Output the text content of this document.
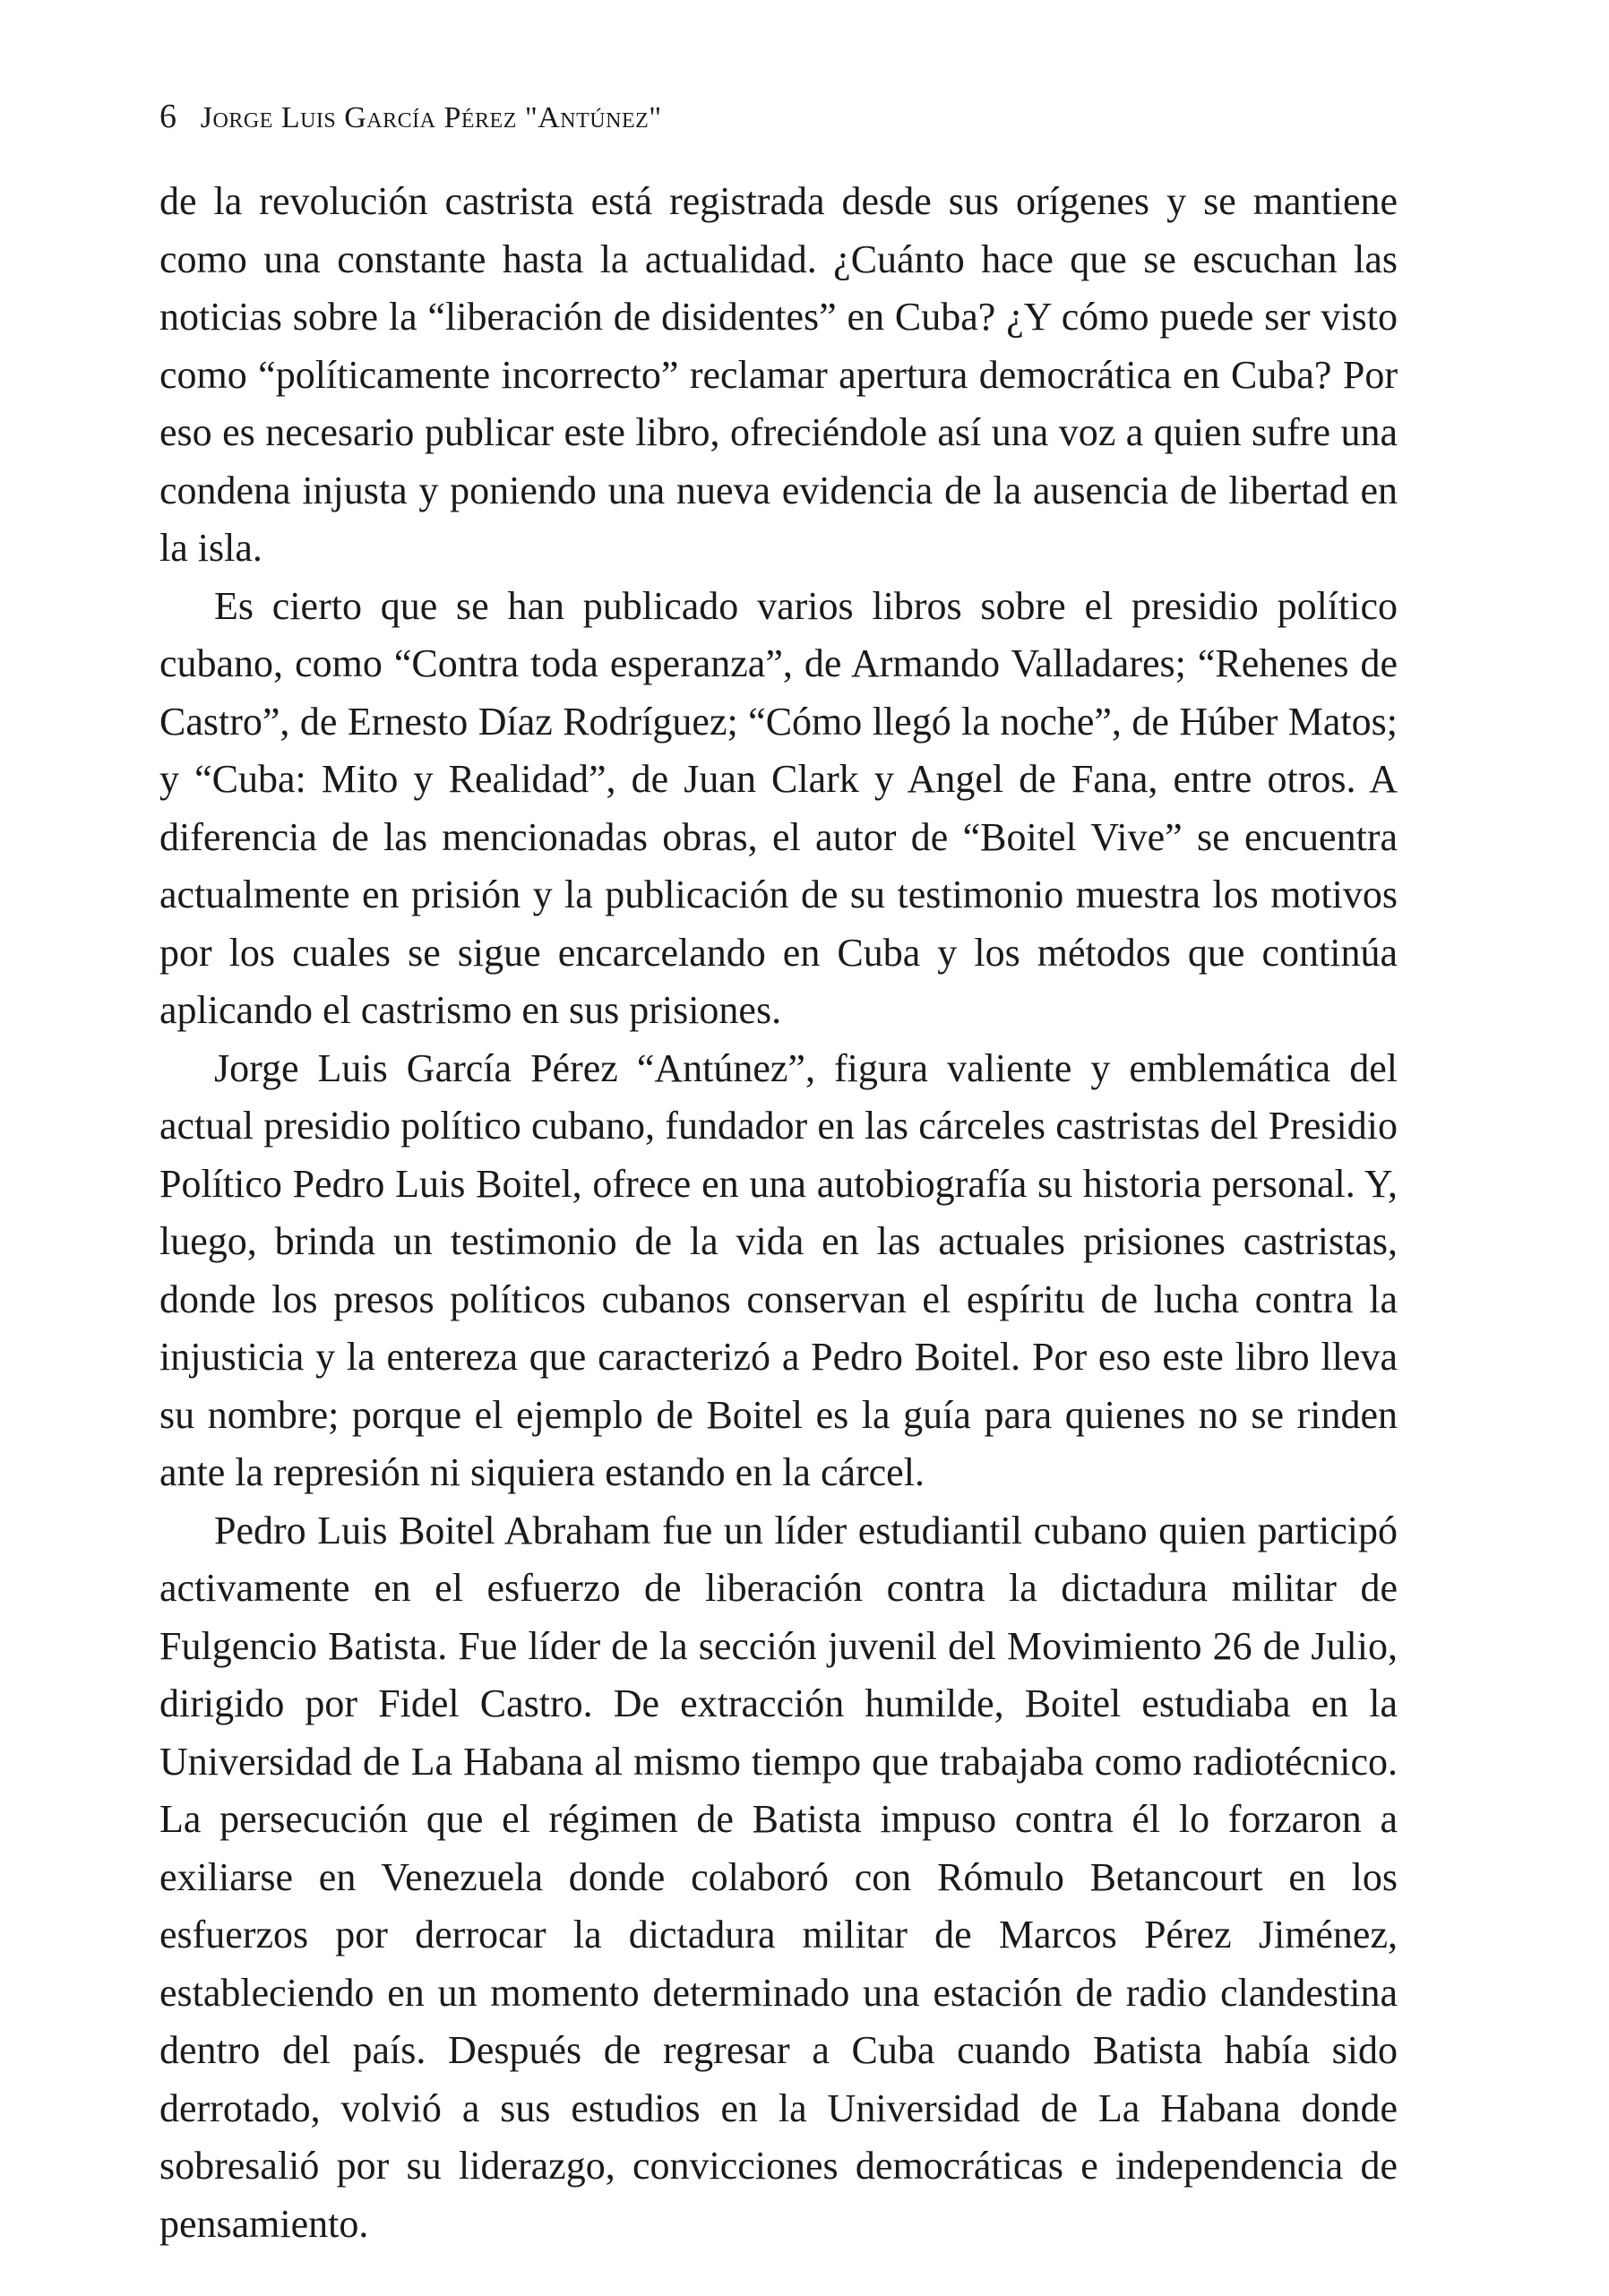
6 Jorge Luis García Pérez "Antúnez"

de la revolución castrista está registrada desde sus orígenes y se mantiene como una constante hasta la actualidad. ¿Cuánto hace que se escuchan las noticias sobre la “liberación de disidentes” en Cuba? ¿Y cómo puede ser visto como “políticamente incorrecto” reclamar apertura democrática en Cuba? Por eso es necesario publicar este libro, ofreciéndole así una voz a quien sufre una condena injusta y poniendo una nueva evidencia de la ausencia de libertad en la isla.

Es cierto que se han publicado varios libros sobre el presidio político cubano, como “Contra toda esperanza”, de Armando Valladares; “Rehenes de Castro”, de Ernesto Díaz Rodríguez; “Cómo llegó la noche”, de Húber Matos; y “Cuba: Mito y Realidad”, de Juan Clark y Angel de Fana, entre otros. A diferencia de las mencionadas obras, el autor de “Boitel Vive” se encuentra actualmente en prisión y la publicación de su testimonio muestra los motivos por los cuales se sigue encarcelando en Cuba y los métodos que continúa aplicando el castrismo en sus prisiones.

Jorge Luis García Pérez “Antúnez”, figura valiente y emblemática del actual presidio político cubano, fundador en las cárceles castristas del Presidio Político Pedro Luis Boitel, ofrece en una autobiografía su historia personal. Y, luego, brinda un testimonio de la vida en las actuales prisiones castristas, donde los presos políticos cubanos conservan el espíritu de lucha contra la injusticia y la entereza que caracterizó a Pedro Boitel. Por eso este libro lleva su nombre; porque el ejemplo de Boitel es la guía para quienes no se rinden ante la represión ni siquiera estando en la cárcel.

Pedro Luis Boitel Abraham fue un líder estudiantil cubano quien participó activamente en el esfuerzo de liberación contra la dictadura militar de Fulgencio Batista. Fue líder de la sección juvenil del Movimiento 26 de Julio, dirigido por Fidel Castro. De extracción humilde, Boitel estudiaba en la Universidad de La Habana al mismo tiempo que trabajaba como radiotécnico. La persecución que el régimen de Batista impuso contra él lo forzaron a exiliarse en Venezuela donde colaboró con Rómulo Betancourt en los esfuerzos por derrocar la dictadura militar de Marcos Pérez Jiménez, estableciendo en un momento determinado una estación de radio clandestina dentro del país. Después de regresar a Cuba cuando Batista había sido derrotado, volvió a sus estudios en la Universidad de La Habana donde sobresalió por su liderazgo, convicciones democráticas e independencia de pensamiento.
